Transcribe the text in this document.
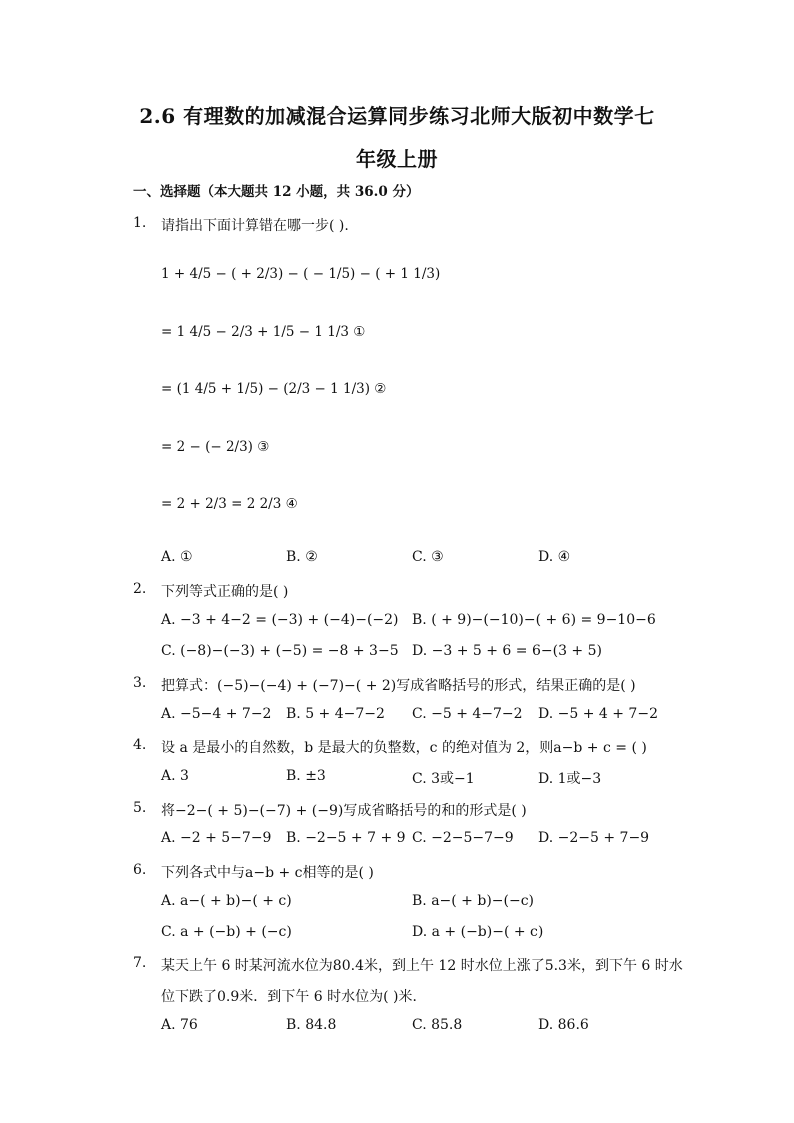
2.6 有理数的加减混合运算同步练习北师大版初中数学七
年级上册
一、选择题（本大题共 12 小题，共 36.0 分）
1. 请指出下面计算错在哪一步( ).
1 + 4/5 − ( + 2/3) − ( − 1/5) − ( + 1 1/3)
= 1 4/5 − 2/3 + 1/5 − 1 1/3 ①
= (1 4/5 + 1/5) − (2/3 − 1 1/3) ②
= 2 − (− 2/3) ③
= 2 + 2/3 = 2 2/3 ④
A. ①	B. ②	C. ③	D. ④
2. 下列等式正确的是( )
A. −3 + 4−2 = (−3) + (−4)−(−2) B. ( + 9)−(−10)−( + 6) = 9−10−6
C. (−8)−(−3) + (−5) = −8 + 3−5 D. −3 + 5 + 6 = 6−(3 + 5)
3. 把算式：(−5)−(−4) + (−7)−( + 2)写成省略括号的形式，结果正确的是( )
A. −5−4 + 7−2 B. 5 + 4−7−2 C. −5 + 4−7−2 D. −5 + 4 + 7−2
4. 设 a 是最小的自然数，b 是最大的负整数，c 的绝对值为 2，则a−b + c = ( )
A. 3	B. ±3	C. 3或−1	D. 1或−3
5. 将−2−( + 5)−(−7) + (−9)写成省略括号的和的形式是( )
A. −2 + 5−7−9 B. −2−5 + 7 + 9 C. −2−5−7−9 D. −2−5 + 7−9
6. 下列各式中与a−b + c相等的是( )
A. a−( + b)−( + c)	B. a−( + b)−(−c)
C. a + (−b) + (−c)	D. a + (−b)−( + c)
7. 某天上午 6 时某河流水位为80.4米，到上午 12 时水位上涨了5.3米，到下午 6 时水
位下跌了0.9米．到下午 6 时水位为( )米．
A. 76	B. 84.8	C. 85.8	D. 86.6
